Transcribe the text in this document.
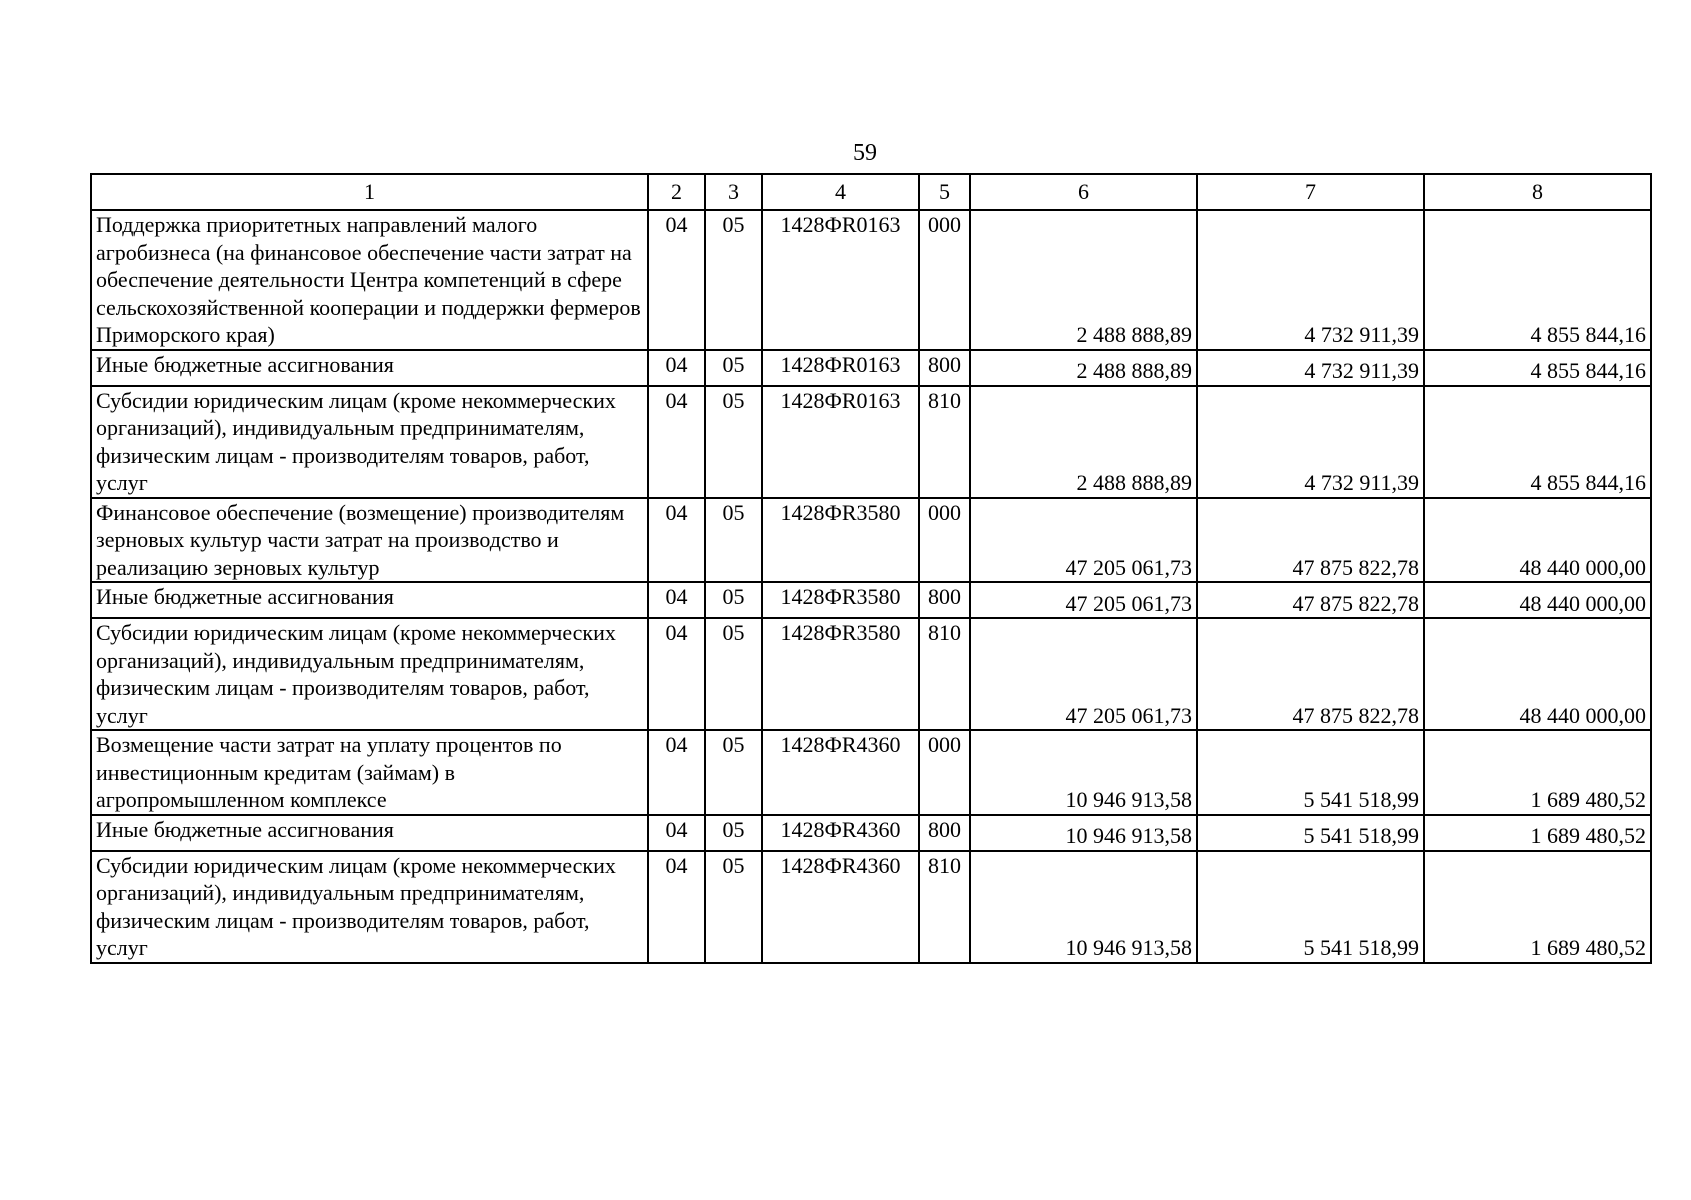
59
1	2	3	4	5	6	7	8
Поддержка приоритетных направлений малого агробизнеса (на финансовое обеспечение части затрат на обеспечение деятельности Центра компетенций в сфере сельскохозяйственной кооперации и поддержки фермеров Приморского края)	04	05	1428ФR0163	000	2 488 888,89	4 732 911,39	4 855 844,16
Иные бюджетные ассигнования	04	05	1428ФR0163	800	2 488 888,89	4 732 911,39	4 855 844,16
Субсидии юридическим лицам (кроме некоммерческих организаций), индивидуальным предпринимателям, физическим лицам - производителям товаров, работ, услуг	04	05	1428ФR0163	810	2 488 888,89	4 732 911,39	4 855 844,16
Финансовое обеспечение (возмещение) производителям зерновых культур части затрат на производство и реализацию зерновых культур	04	05	1428ФR3580	000	47 205 061,73	47 875 822,78	48 440 000,00
Иные бюджетные ассигнования	04	05	1428ФR3580	800	47 205 061,73	47 875 822,78	48 440 000,00
Субсидии юридическим лицам (кроме некоммерческих организаций), индивидуальным предпринимателям, физическим лицам - производителям товаров, работ, услуг	04	05	1428ФR3580	810	47 205 061,73	47 875 822,78	48 440 000,00
Возмещение части затрат на уплату процентов по инвестиционным кредитам (займам) в агропромышленном комплексе	04	05	1428ФR4360	000	10 946 913,58	5 541 518,99	1 689 480,52
Иные бюджетные ассигнования	04	05	1428ФR4360	800	10 946 913,58	5 541 518,99	1 689 480,52
Субсидии юридическим лицам (кроме некоммерческих организаций), индивидуальным предпринимателям, физическим лицам - производителям товаров, работ, услуг	04	05	1428ФR4360	810	10 946 913,58	5 541 518,99	1 689 480,52
